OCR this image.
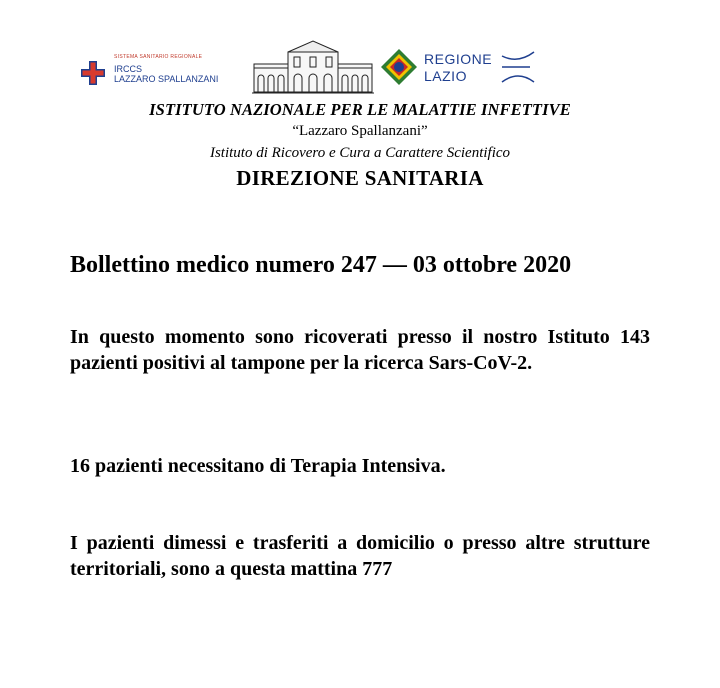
SISTEMA SANITARIO REGIONALE
IRCCS
LAZZARO SPALLANZANI
REGIONE
LAZIO

ISTITUTO NAZIONALE PER LE MALATTIE INFETTIVE

“Lazzaro Spallanzani”

Istituto di Ricovero e Cura a Carattere Scientifico

DIREZIONE SANITARIA

Bollettino medico numero 247 — 03 ottobre 2020

In questo momento sono ricoverati presso il nostro Istituto 143 pazienti positivi al tampone per la ricerca Sars-CoV-2.

16 pazienti necessitano di Terapia Intensiva.

I pazienti dimessi e trasferiti a domicilio o presso altre strutture territoriali, sono a questa mattina 777
